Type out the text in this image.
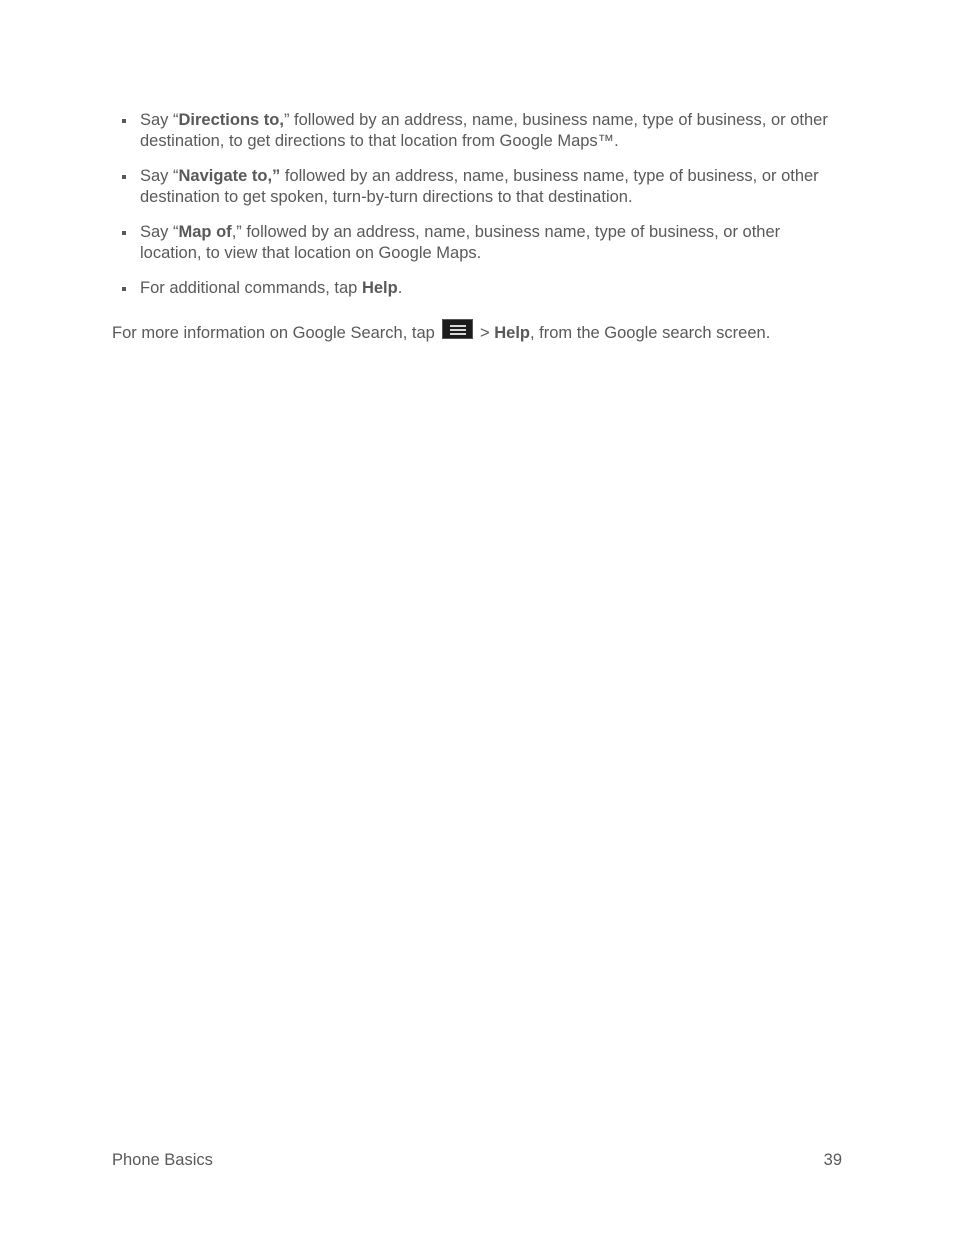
Say “Directions to,” followed by an address, name, business name, type of business, or other destination, to get directions to that location from Google Maps™.
Say “Navigate to,” followed by an address, name, business name, type of business, or other destination to get spoken, turn-by-turn directions to that destination.
Say “Map of,” followed by an address, name, business name, type of business, or other location, to view that location on Google Maps.
For additional commands, tap Help.

For more information on Google Search, tap
> Help, from the Google search screen.

Phone Basics	39
